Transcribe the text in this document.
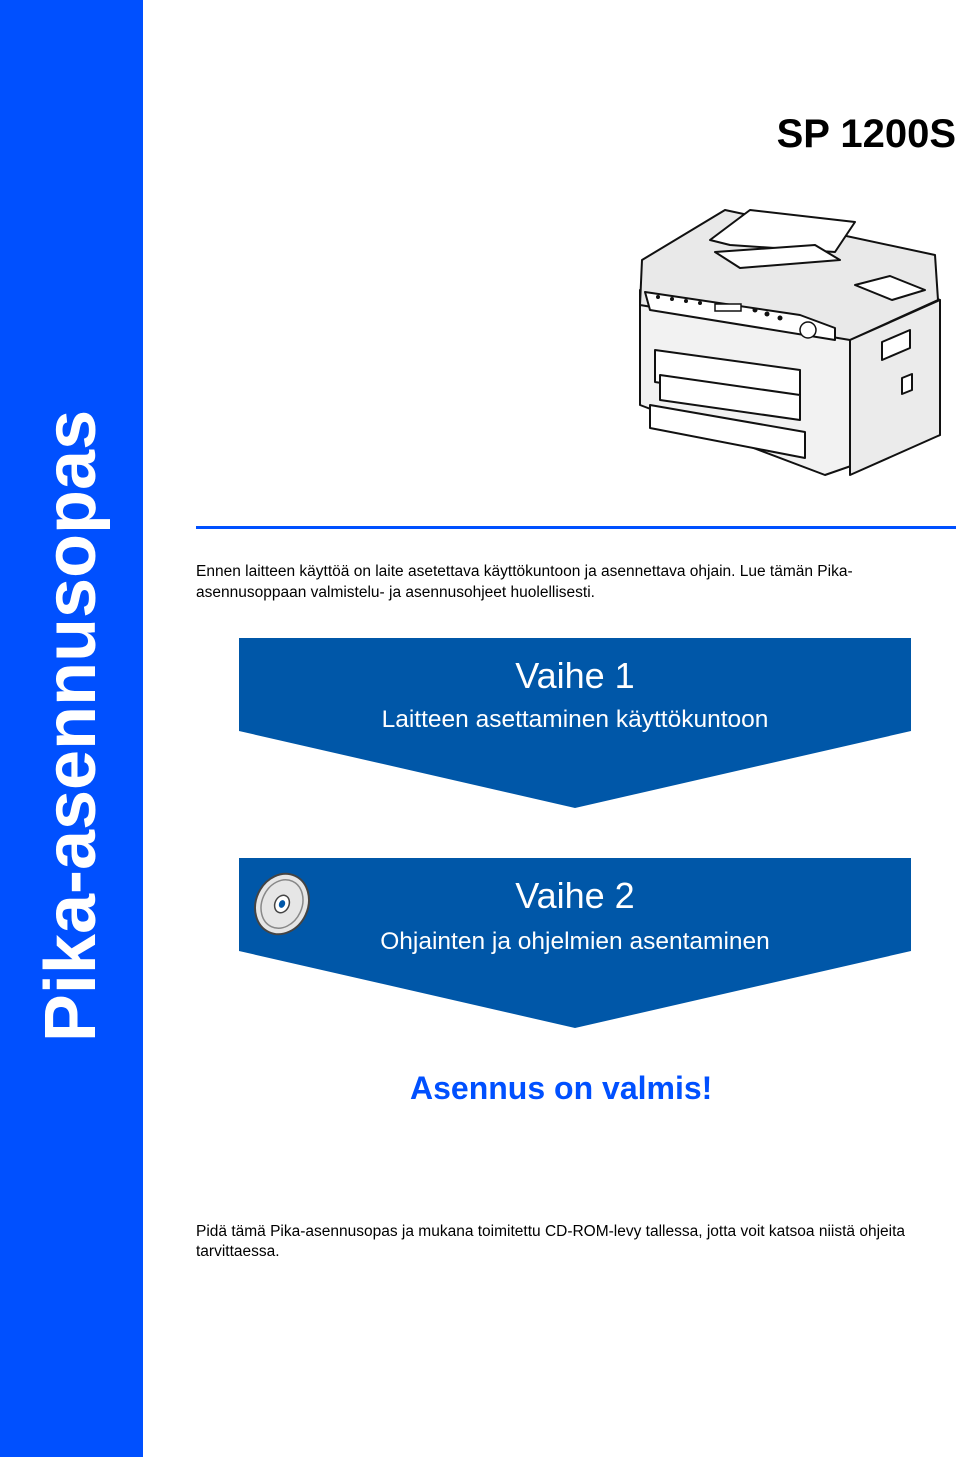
Pika-asennusopas
SP 1200S
Ennen laitteen käyttöä on laite asetettava käyttökuntoon ja asennettava ohjain. Lue tämän Pika-asennusoppaan valmistelu- ja asennusohjeet huolellisesti.
Vaihe 1
Laitteen asettaminen käyttökuntoon
Vaihe 2
Ohjainten ja ohjelmien asentaminen
Asennus on valmis!
Pidä tämä Pika-asennusopas ja mukana toimitettu CD-ROM-levy tallessa, jotta voit katsoa niistä ohjeita tarvittaessa.
